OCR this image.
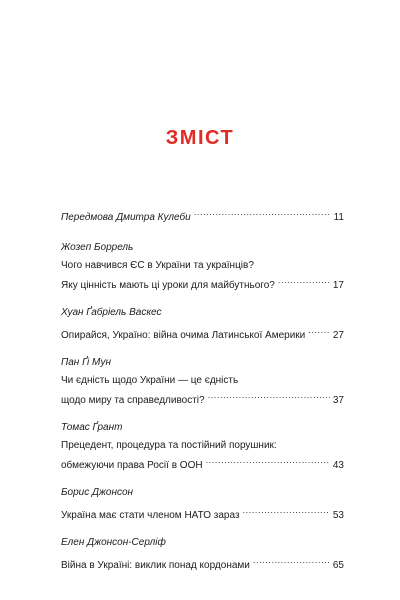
ЗМІСТ
Передмова Дмитра Кулеби .....	11
Жозеп Боррель
Чого навчився ЄС в України та українців?
Яку цінність мають ці уроки для майбутнього? .....	17
Хуан Ґабріель Васкес
Опирайся, Україно: війна очима Латинської Америки .....	27
Пан Ґі Мун
Чи єдність щодо України — це єдність
щодо миру та справедливості? .....	37
Томас Ґрант
Прецедент, процедура та постійний порушник:
обмежуючи права Росії в ООН .....	43
Борис Джонсон
Україна має стати членом НАТО зараз .....	53
Елен Джонсон-Серліф
Війна в Україні: виклик понад кордонами .....	65
